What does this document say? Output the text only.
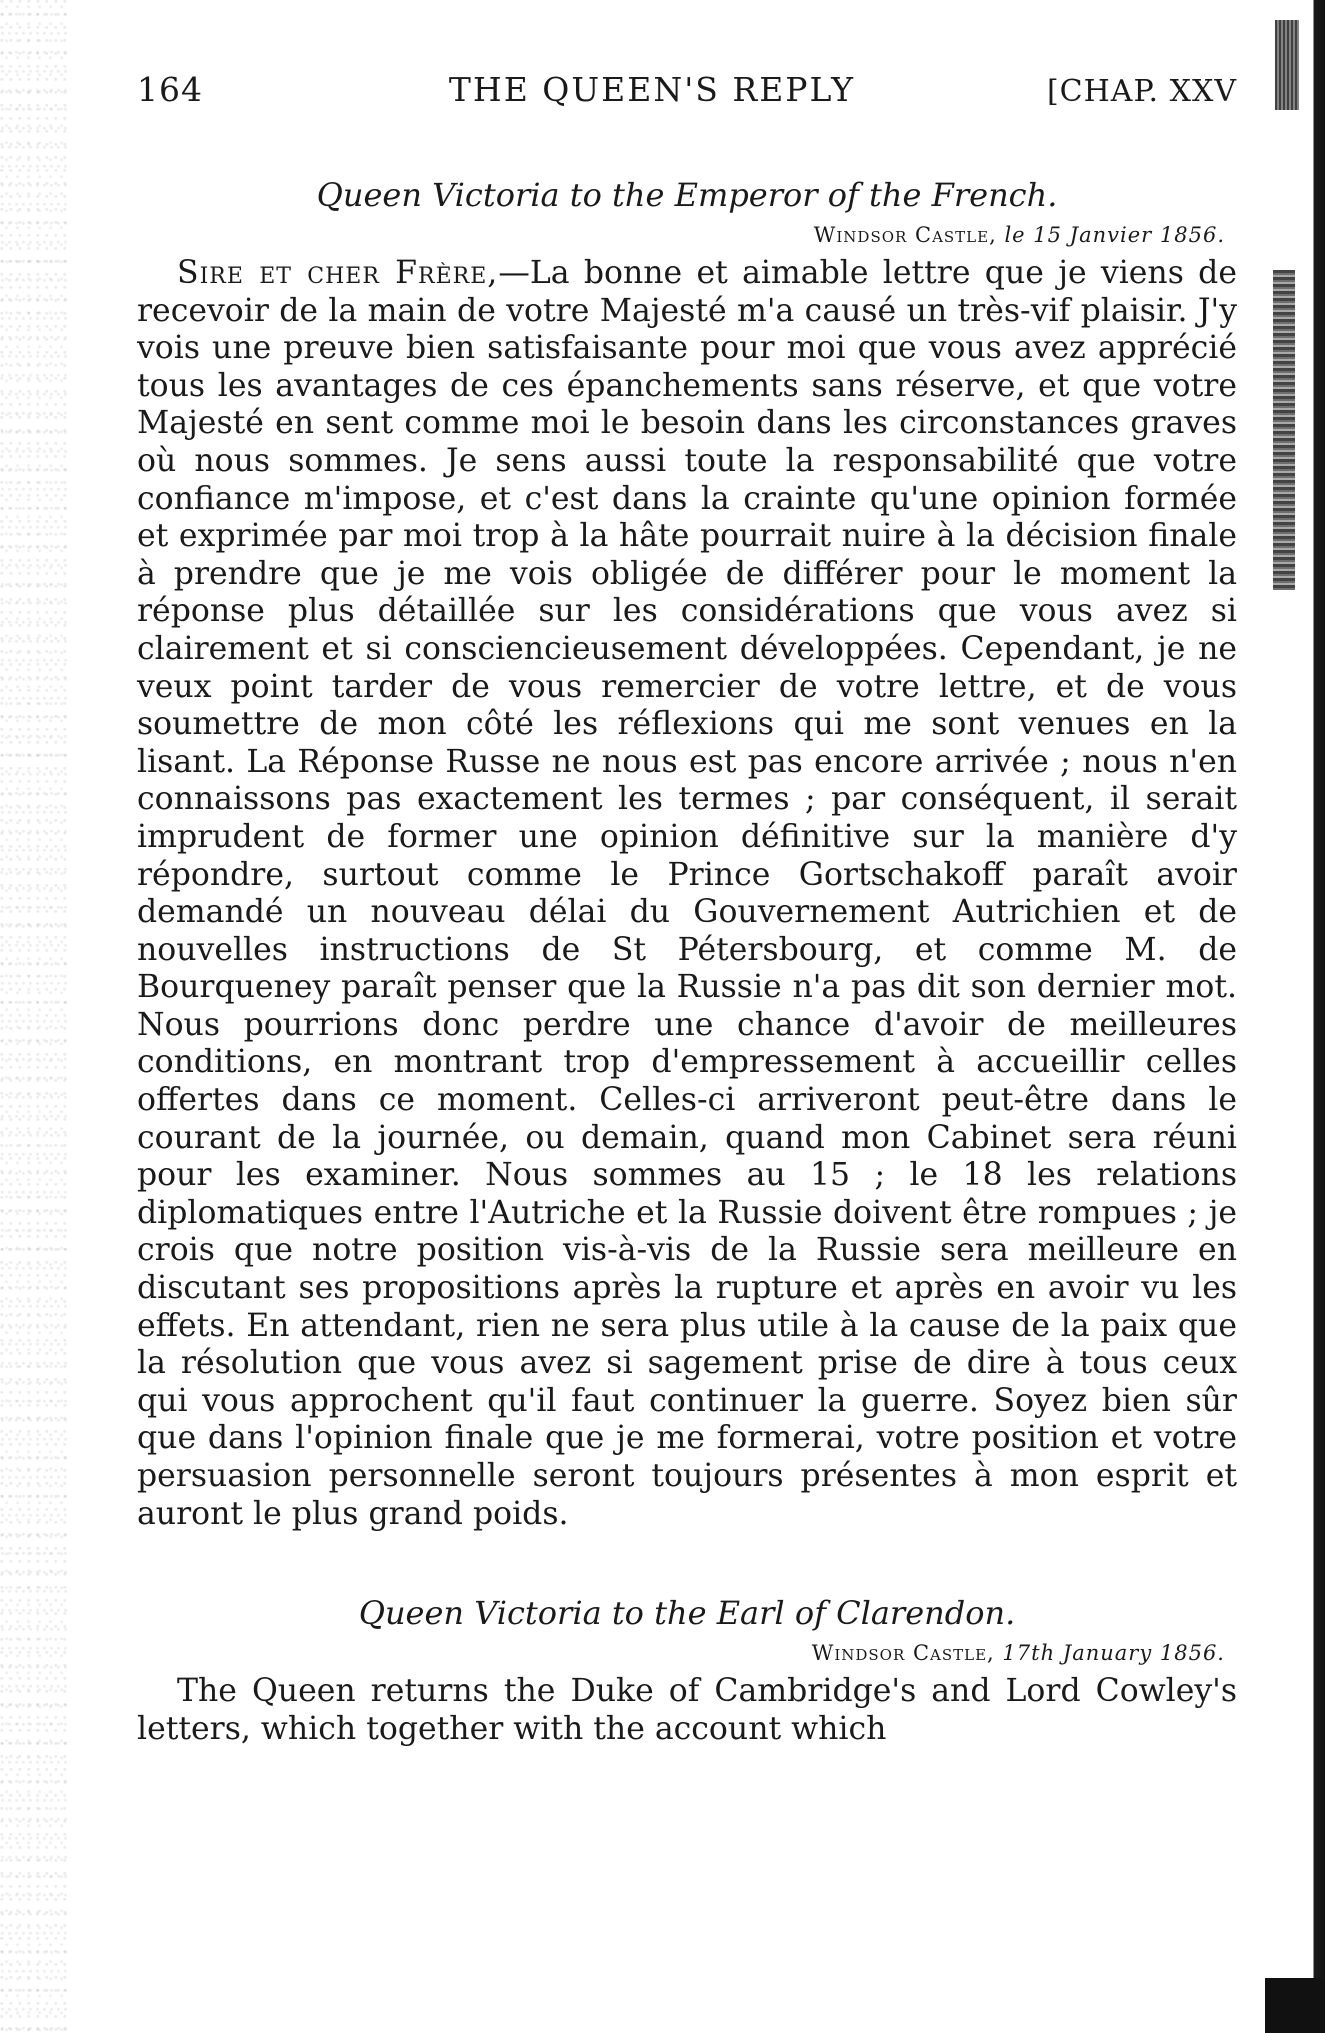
164	THE QUEEN'S REPLY	[CHAP. XXV
Queen Victoria to the Emperor of the French.
Windsor Castle, le 15 Janvier 1856.

Sire et cher Frère,—La bonne et aimable lettre que je viens de recevoir de la main de votre Majesté m'a causé un très-vif plaisir. J'y vois une preuve bien satisfaisante pour moi que vous avez apprécié tous les avantages de ces épanchements sans réserve, et que votre Majesté en sent comme moi le besoin dans les circonstances graves où nous sommes. Je sens aussi toute la responsabilité que votre confiance m'impose, et c'est dans la crainte qu'une opinion formée et exprimée par moi trop à la hâte pourrait nuire à la décision finale à prendre que je me vois obligée de différer pour le moment la réponse plus détaillée sur les considérations que vous avez si clairement et si consciencieusement développées. Cependant, je ne veux point tarder de vous remercier de votre lettre, et de vous soumettre de mon côté les réflexions qui me sont venues en la lisant. La Réponse Russe ne nous est pas encore arrivée ; nous n'en connaissons pas exactement les termes ; par conséquent, il serait imprudent de former une opinion définitive sur la manière d'y répondre, surtout comme le Prince Gortschakoff paraît avoir demandé un nouveau délai du Gouvernement Autrichien et de nouvelles instructions de St Pétersbourg, et comme M. de Bourqueney paraît penser que la Russie n'a pas dit son dernier mot. Nous pourrions donc perdre une chance d'avoir de meilleures conditions, en montrant trop d'empressement à accueillir celles offertes dans ce moment. Celles-ci arriveront peut-être dans le courant de la journée, ou demain, quand mon Cabinet sera réuni pour les examiner. Nous sommes au 15 ; le 18 les relations diplomatiques entre l'Autriche et la Russie doivent être rompues ; je crois que notre position vis-à-vis de la Russie sera meilleure en discutant ses propositions après la rupture et après en avoir vu les effets. En attendant, rien ne sera plus utile à la cause de la paix que la résolution que vous avez si sagement prise de dire à tous ceux qui vous approchent qu'il faut continuer la guerre. Soyez bien sûr que dans l'opinion finale que je me formerai, votre position et votre persuasion personnelle seront toujours présentes à mon esprit et auront le plus grand poids.

Queen Victoria to the Earl of Clarendon.
Windsor Castle, 17th January 1856.

The Queen returns the Duke of Cambridge's and Lord Cowley's letters, which together with the account which
